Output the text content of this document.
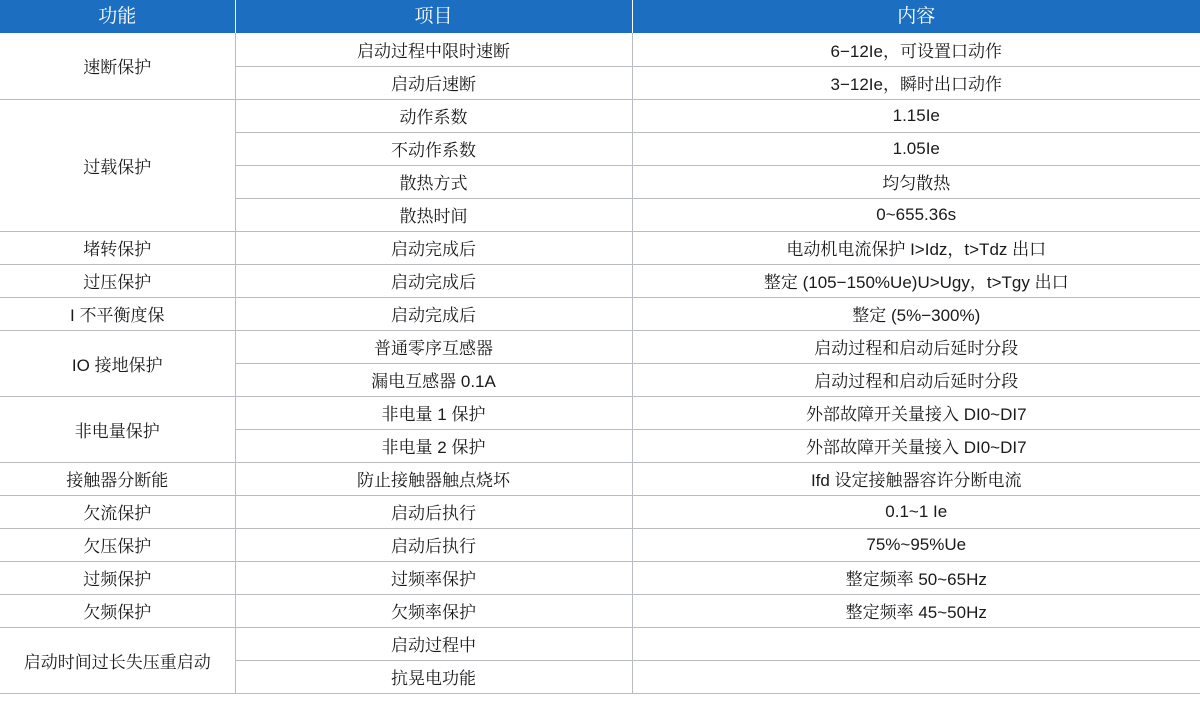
功能	项目	内容
速断保护	启动过程中限时速断	6−12Ie，可设置口动作
	启动后速断	3−12Ie，瞬时出口动作
过载保护	动作系数	1.15Ie
	不动作系数	1.05Ie
	散热方式	均匀散热
	散热时间	0~655.36s
堵转保护	启动完成后	电动机电流保护 I>Idz，t>Tdz 出口
过压保护	启动完成后	整定 (105−150%Ue)U>Ugy，t>Tgy 出口
I 不平衡度保	启动完成后	整定 (5%−300%)
IO 接地保护	普通零序互感器	启动过程和启动后延时分段
	漏电互感器 0.1A	启动过程和启动后延时分段
非电量保护	非电量 1 保护	外部故障开关量接入 DI0~DI7
	非电量 2 保护	外部故障开关量接入 DI0~DI7
接触器分断能	防止接触器触点烧坏	Ifd 设定接触器容许分断电流
欠流保护	启动后执行	0.1~1 Ie
欠压保护	启动后执行	75%~95%Ue
过频保护	过频率保护	整定频率 50~65Hz
欠频保护	欠频率保护	整定频率 45~50Hz
启动时间过长失压重启动	启动过程中	
	抗晃电功能	
